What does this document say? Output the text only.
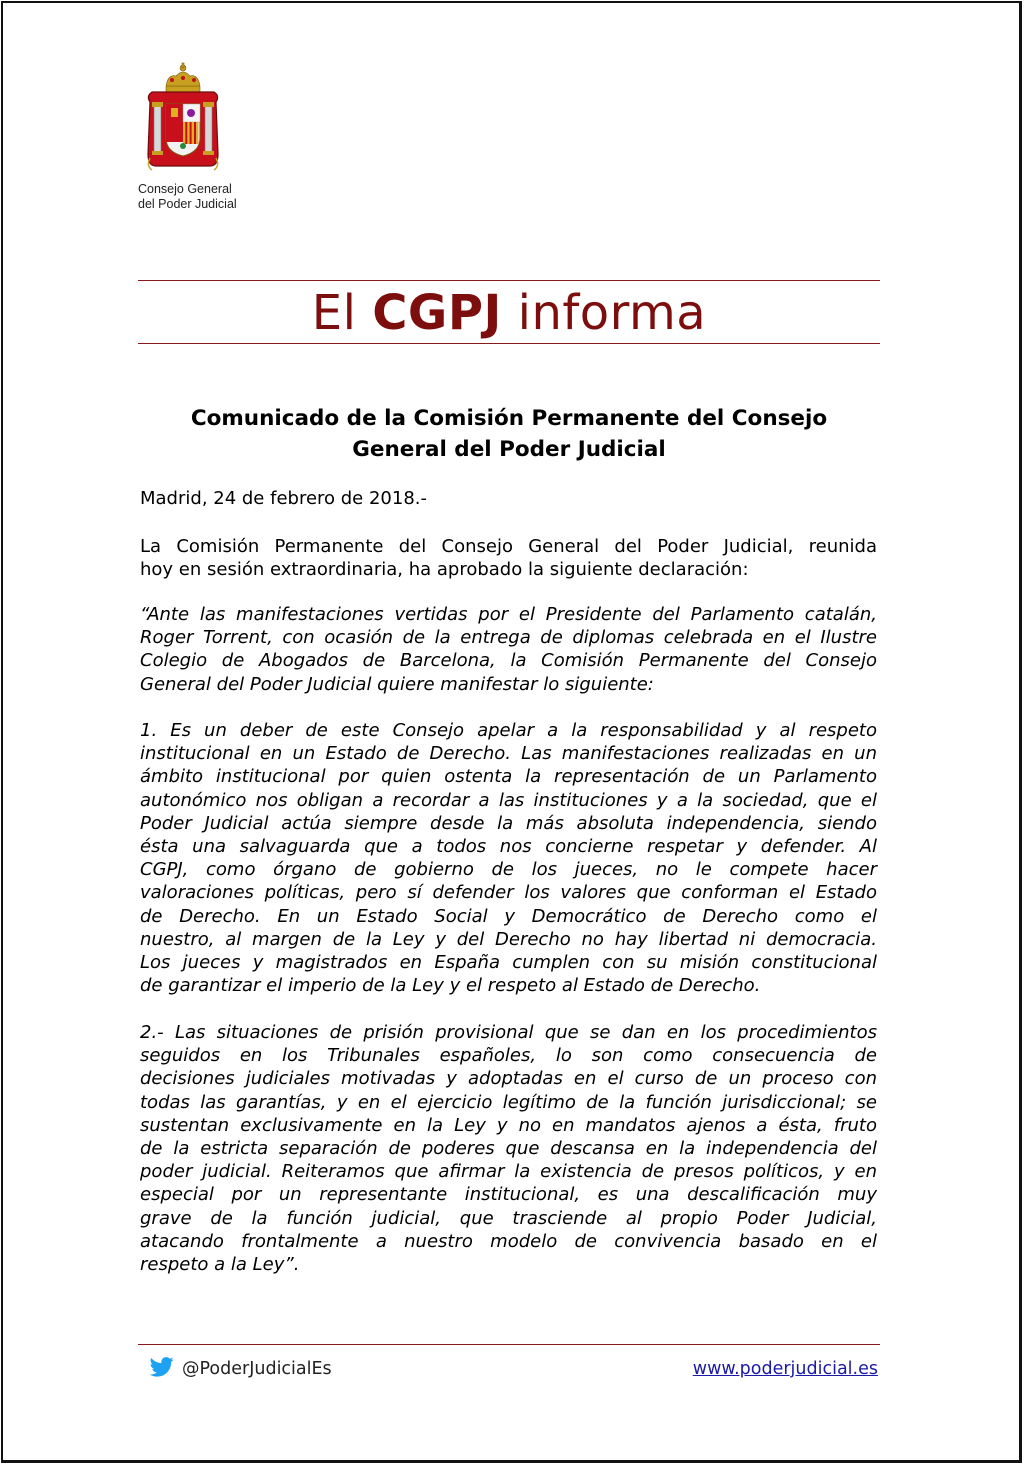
Consejo General
del Poder Judicial
El CGPJ informa
Comunicado de la Comisión Permanente del Consejo
General del Poder Judicial
Madrid, 24 de febrero de 2018.-
La Comisión Permanente del Consejo General del Poder Judicial, reunida
hoy en sesión extraordinaria, ha aprobado la siguiente declaración:
“Ante las manifestaciones vertidas por el Presidente del Parlamento catalán,
Roger Torrent, con ocasión de la entrega de diplomas celebrada en el Ilustre
Colegio de Abogados de Barcelona, la Comisión Permanente del Consejo
General del Poder Judicial quiere manifestar lo siguiente:
1. Es un deber de este Consejo apelar a la responsabilidad y al respeto
institucional en un Estado de Derecho. Las manifestaciones realizadas en un
ámbito institucional por quien ostenta la representación de un Parlamento
autonómico nos obligan a recordar a las instituciones y a la sociedad, que el
Poder Judicial actúa siempre desde la más absoluta independencia, siendo
ésta una salvaguarda que a todos nos concierne respetar y defender. Al
CGPJ, como órgano de gobierno de los jueces, no le compete hacer
valoraciones políticas, pero sí defender los valores que conforman el Estado
de Derecho. En un Estado Social y Democrático de Derecho como el
nuestro, al margen de la Ley y del Derecho no hay libertad ni democracia.
Los jueces y magistrados en España cumplen con su misión constitucional
de garantizar el imperio de la Ley y el respeto al Estado de Derecho.
2.- Las situaciones de prisión provisional que se dan en los procedimientos
seguidos en los Tribunales españoles, lo son como consecuencia de
decisiones judiciales motivadas y adoptadas en el curso de un proceso con
todas las garantías, y en el ejercicio legítimo de la función jurisdiccional; se
sustentan exclusivamente en la Ley y no en mandatos ajenos a ésta, fruto
de la estricta separación de poderes que descansa en la independencia del
poder judicial. Reiteramos que afirmar la existencia de presos políticos, y en
especial por un representante institucional, es una descalificación muy
grave de la función judicial, que trasciende al propio Poder Judicial,
atacando frontalmente a nuestro modelo de convivencia basado en el
respeto a la Ley”.
@PoderJudicialEs	www.poderjudicial.es
